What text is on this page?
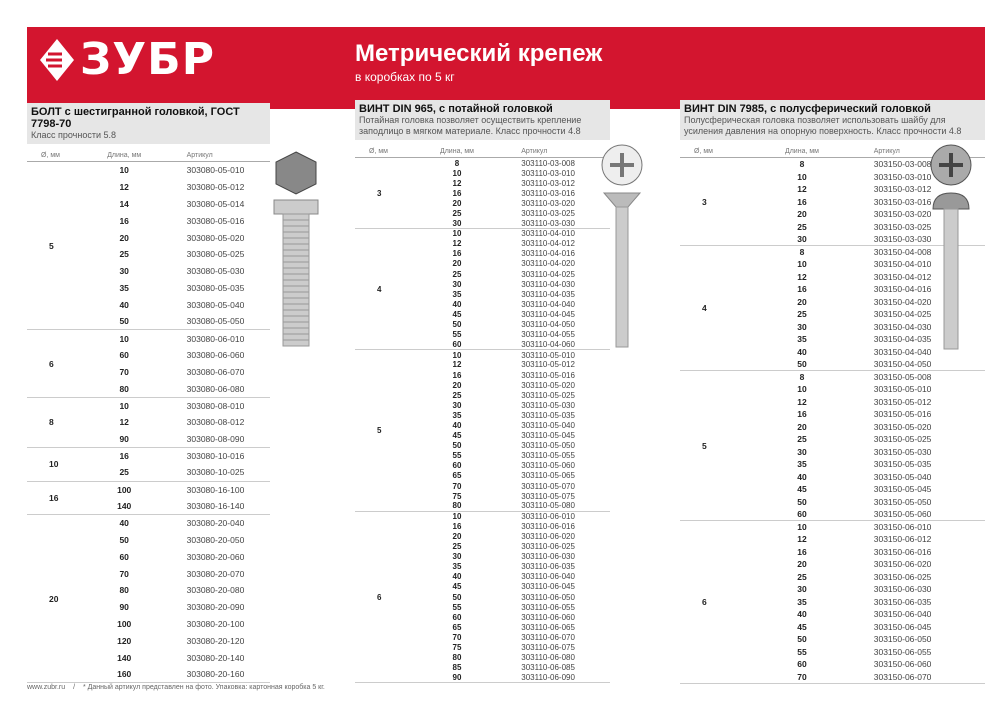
ЗУБР	Метрический крепеж
в коробках по 5 кг
БОЛТ с шестигранной головкой, ГОСТ 7798-70
Класс прочности 5.8
Ø, мм	Длина, мм	Артикул
5	10	303080-05-010
	12	303080-05-012
	14	303080-05-014
	16	303080-05-016
	20	303080-05-020
	25	303080-05-025
	30	303080-05-030
	35	303080-05-035
	40	303080-05-040
	50	303080-05-050
6	10	303080-06-010
	60	303080-06-060
	70	303080-06-070
	80	303080-06-080
8	10	303080-08-010
	12	303080-08-012
	90	303080-08-090
10	16	303080-10-016
	25	303080-10-025
16	100	303080-16-100
	140	303080-16-140
20	40	303080-20-040
	50	303080-20-050
	60	303080-20-060
	70	303080-20-070
	80	303080-20-080
	90	303080-20-090
	100	303080-20-100
	120	303080-20-120
	140	303080-20-140
	160	303080-20-160
ВИНТ DIN 965, с потайной головкой
Потайная головка позволяет осуществить крепление заподлицо в мягком материале. Класс прочности 4.8
Ø, мм	Длина, мм	Артикул
3	8	303110-03-008
	10	303110-03-010
	12	303110-03-012
	16	303110-03-016
	20	303110-03-020
	25	303110-03-025
	30	303110-03-030
4	10	303110-04-010
	12	303110-04-012
	16	303110-04-016
	20	303110-04-020
	25	303110-04-025
	30	303110-04-030
	35	303110-04-035
	40	303110-04-040
	45	303110-04-045
	50	303110-04-050
	55	303110-04-055
	60	303110-04-060
5	10	303110-05-010
	12	303110-05-012
	16	303110-05-016
	20	303110-05-020
	25	303110-05-025
	30	303110-05-030
	35	303110-05-035
	40	303110-05-040
	45	303110-05-045
	50	303110-05-050
	55	303110-05-055
	60	303110-05-060
	65	303110-05-065
	70	303110-05-070
	75	303110-05-075
	80	303110-05-080
6	10	303110-06-010
	16	303110-06-016
	20	303110-06-020
	25	303110-06-025
	30	303110-06-030
	35	303110-06-035
	40	303110-06-040
	45	303110-06-045
	50	303110-06-050
	55	303110-06-055
	60	303110-06-060
	65	303110-06-065
	70	303110-06-070
	75	303110-06-075
	80	303110-06-080
	85	303110-06-085
	90	303110-06-090
ВИНТ DIN 7985, с полусферический головкой
Полусферическая головка позволяет использовать шайбу для усиления давления на опорную поверхность. Класс прочности 4.8
Ø, мм	Длина, мм	Артикул
3	8	303150-03-008
	10	303150-03-010
	12	303150-03-012
	16	303150-03-016
	20	303150-03-020
	25	303150-03-025
	30	303150-03-030
4	8	303150-04-008
	10	303150-04-010
	12	303150-04-012
	16	303150-04-016
	20	303150-04-020
	25	303150-04-025
	30	303150-04-030
	35	303150-04-035
	40	303150-04-040
	50	303150-04-050
5	8	303150-05-008
	10	303150-05-010
	12	303150-05-012
	16	303150-05-016
	20	303150-05-020
	25	303150-05-025
	30	303150-05-030
	35	303150-05-035
	40	303150-05-040
	45	303150-05-045
	50	303150-05-050
	60	303150-05-060
6	10	303150-06-010
	12	303150-06-012
	16	303150-06-016
	20	303150-06-020
	25	303150-06-025
	30	303150-06-030
	35	303150-06-035
	40	303150-06-040
	45	303150-06-045
	50	303150-06-050
	55	303150-06-055
	60	303150-06-060
	70	303150-06-070
www.zubr.ru / * Данный артикул представлен на фото. Упаковка: картонная коробка 5 кг.
